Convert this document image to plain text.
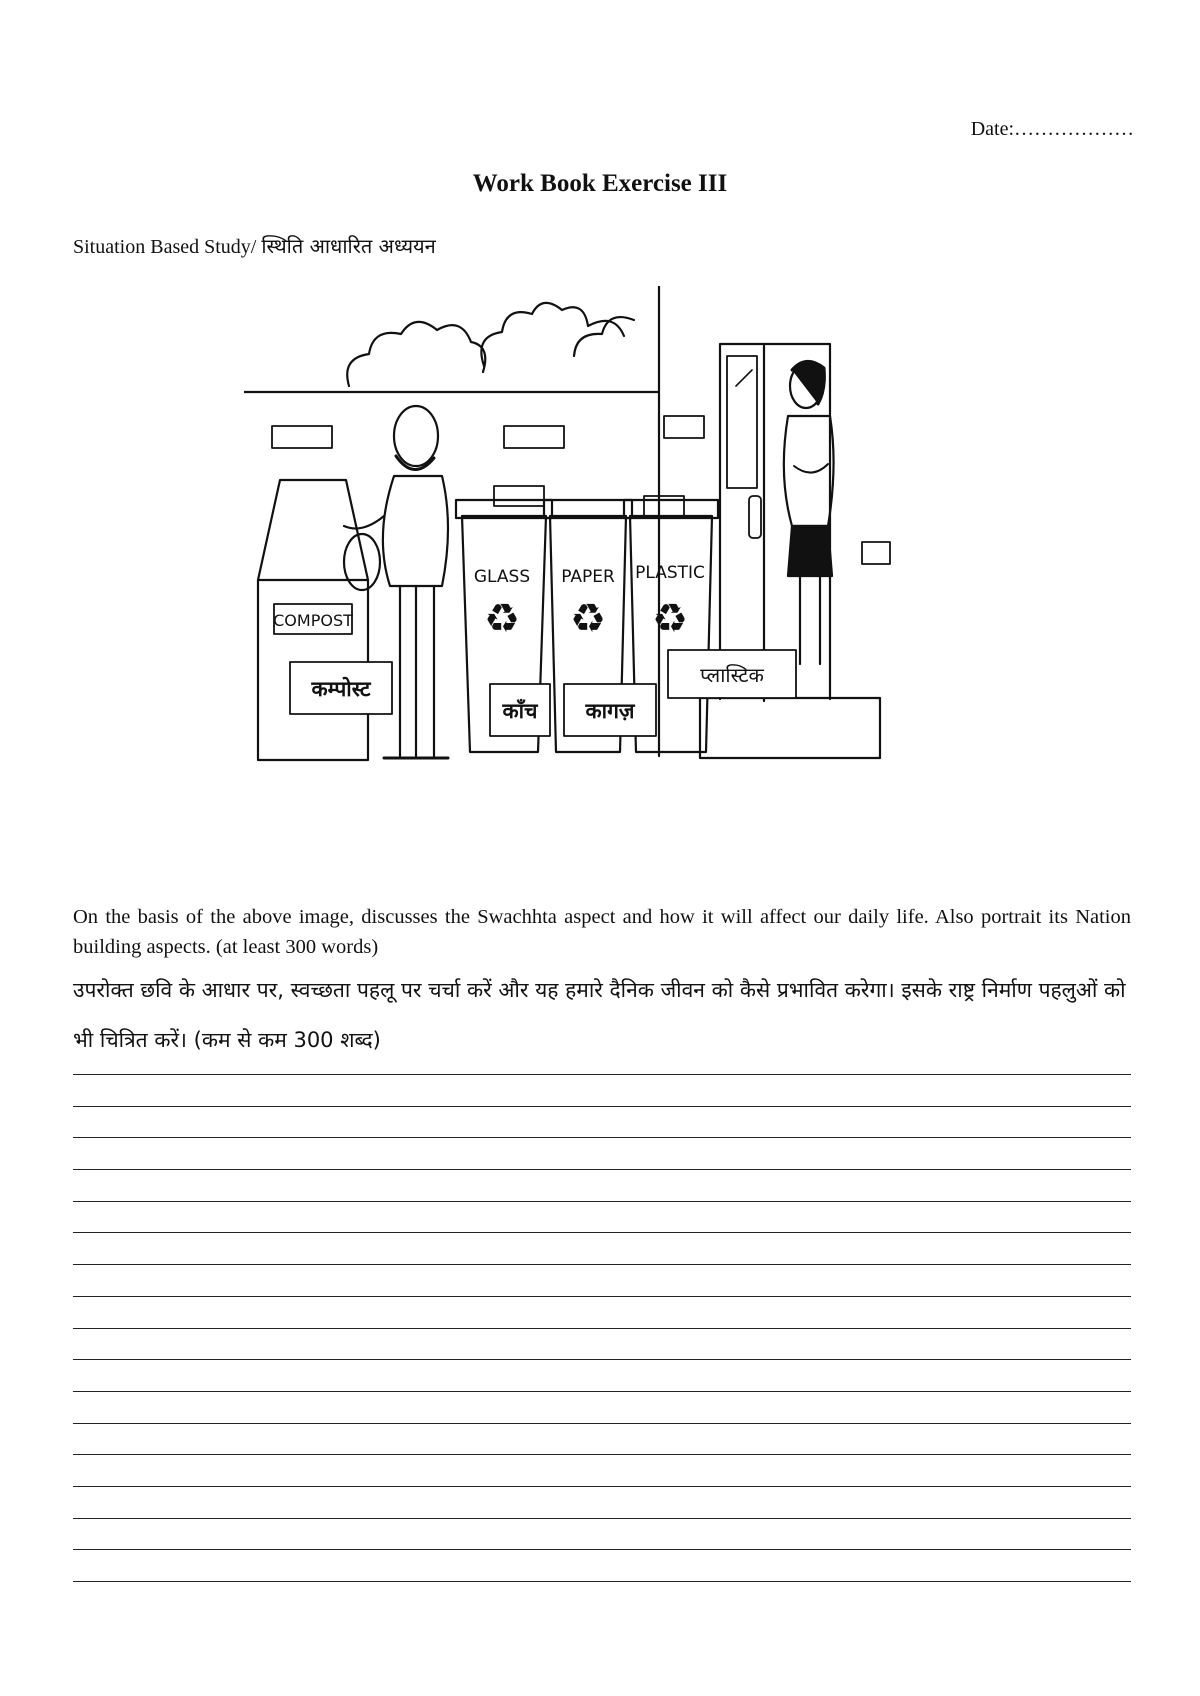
Date:………………
Work Book Exercise III
Situation Based Study/ स्थिति आधारित अध्ययन
COMPOST
GLASS PAPER PLASTIC
♻ ♻ ♻
कम्पोस्ट
काँच कागज़
प्लास्टिक
On the basis of the above image, discusses the Swachhta aspect and how it will affect our daily life. Also portrait its Nation building aspects. (at least 300 words)
उपरोक्त छवि के आधार पर, स्वच्छता पहलू पर चर्चा करें और यह हमारे दैनिक जीवन को कैसे प्रभावित करेगा। इसके राष्ट्र निर्माण पहलुओं को भी चित्रित करें। (कम से कम 300 शब्द)
